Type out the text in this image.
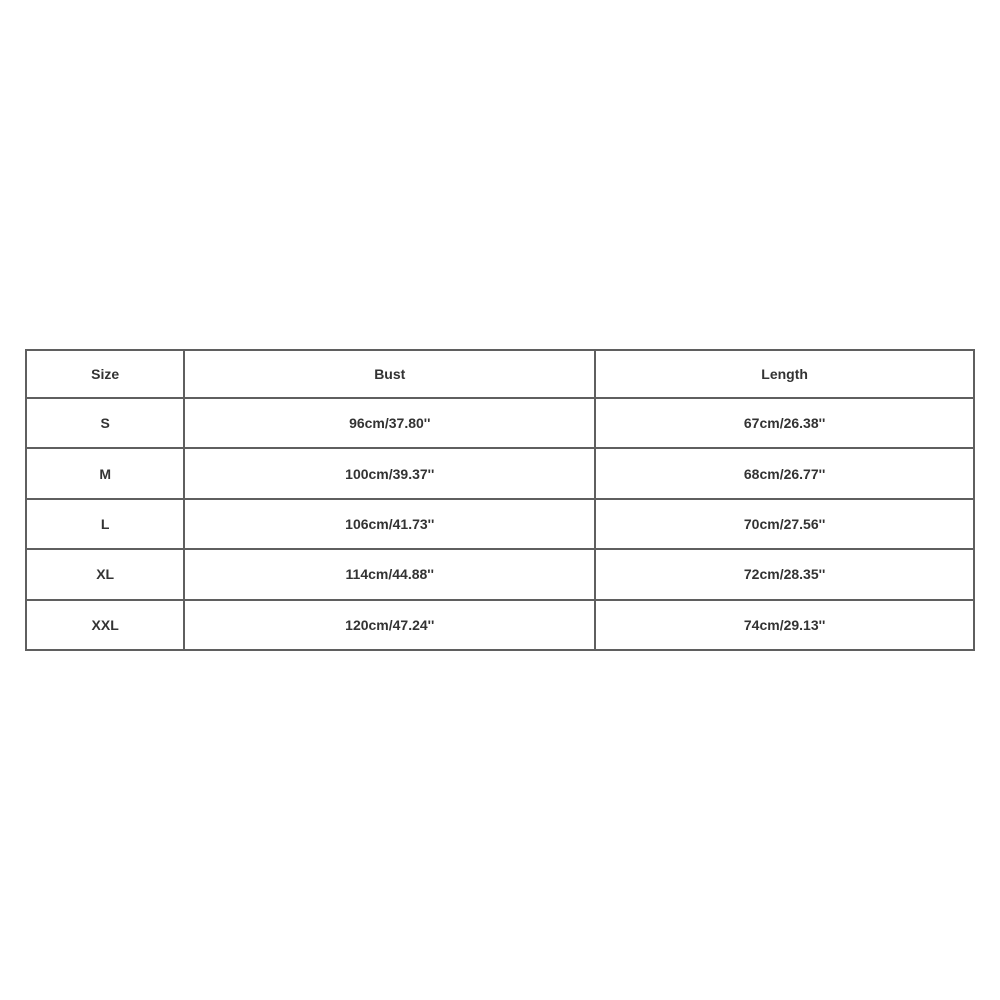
Size	Bust	Length
S	96cm/37.80''	67cm/26.38''
M	100cm/39.37''	68cm/26.77''
L	106cm/41.73''	70cm/27.56''
XL	114cm/44.88''	72cm/28.35''
XXL	120cm/47.24''	74cm/29.13''
